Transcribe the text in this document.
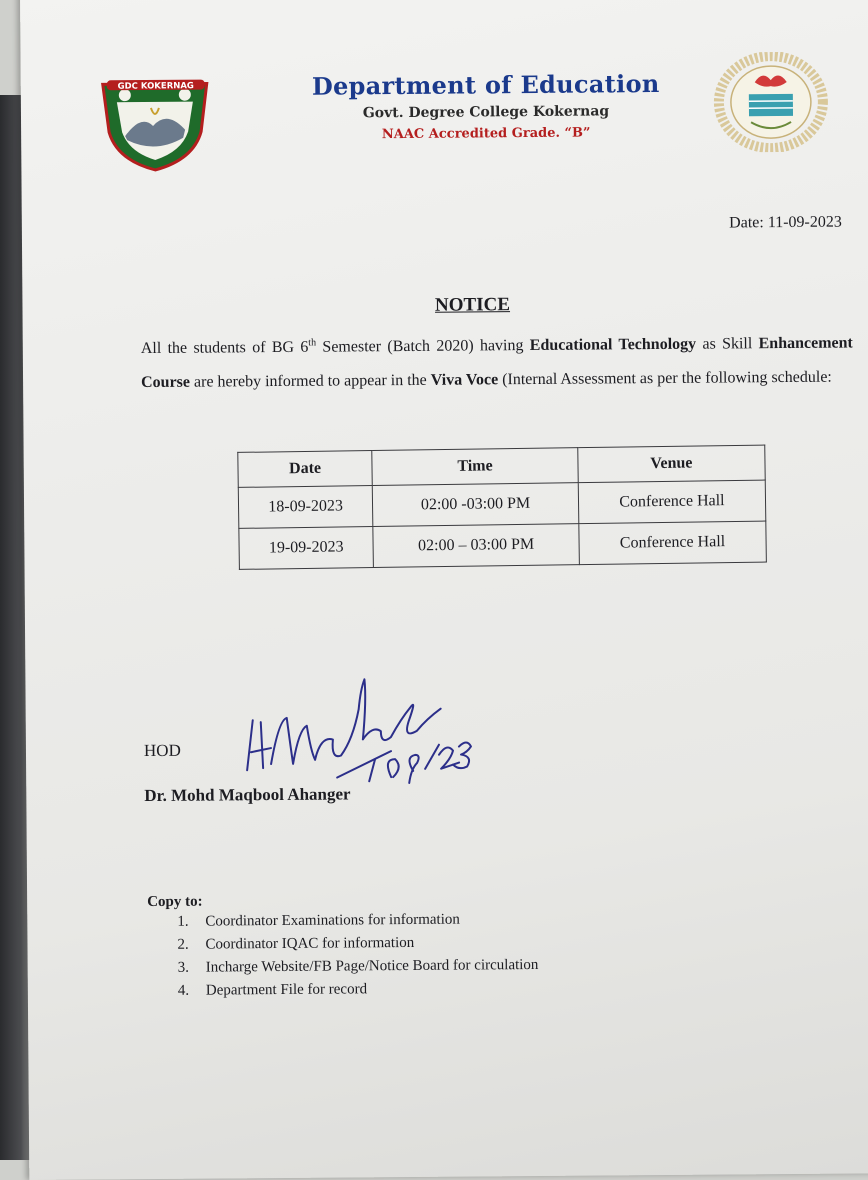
GDC KOKERNAG	Department of Education
Govt. Degree College Kokernag
NAAC Accredited Grade. “B”
Date: 11-09-2023
NOTICE
All the students of BG 6th Semester (Batch 2020) having Educational Technology as Skill Enhancement Course are hereby informed to appear in the Viva Voce (Internal Assessment as per the following schedule:
Date	Time	Venue
18-09-2023	02:00 -03:00 PM	Conference Hall
19-09-2023	02:00 – 03:00 PM	Conference Hall
HOD
Dr. Mohd Maqbool Ahanger
Copy to:
1.	Coordinator Examinations for information
2.	Coordinator IQAC for information
3.	Incharge Website/FB Page/Notice Board for circulation
4.	Department File for record
